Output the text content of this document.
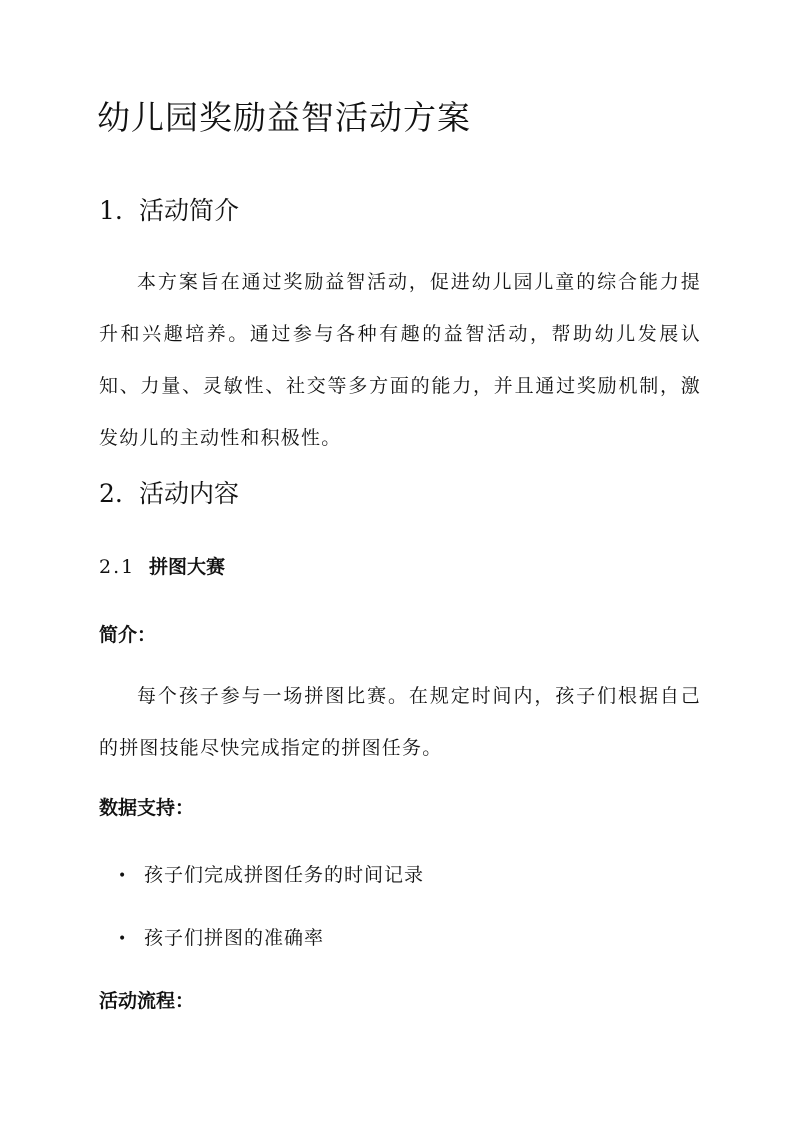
幼儿园奖励益智活动方案
1. 活动简介

本方案旨在通过奖励益智活动，促进幼儿园儿童的综合能力提升和兴趣培养。通过参与各种有趣的益智活动，帮助幼儿发展认知、力量、灵敏性、社交等多方面的能力，并且通过奖励机制，激发幼儿的主动性和积极性。

2. 活动内容
2.1 拼图大赛

简介：

每个孩子参与一场拼图比赛。在规定时间内，孩子们根据自己的拼图技能尽快完成指定的拼图任务。

数据支持：

• 孩子们完成拼图任务的时间记录

• 孩子们拼图的准确率

活动流程：
